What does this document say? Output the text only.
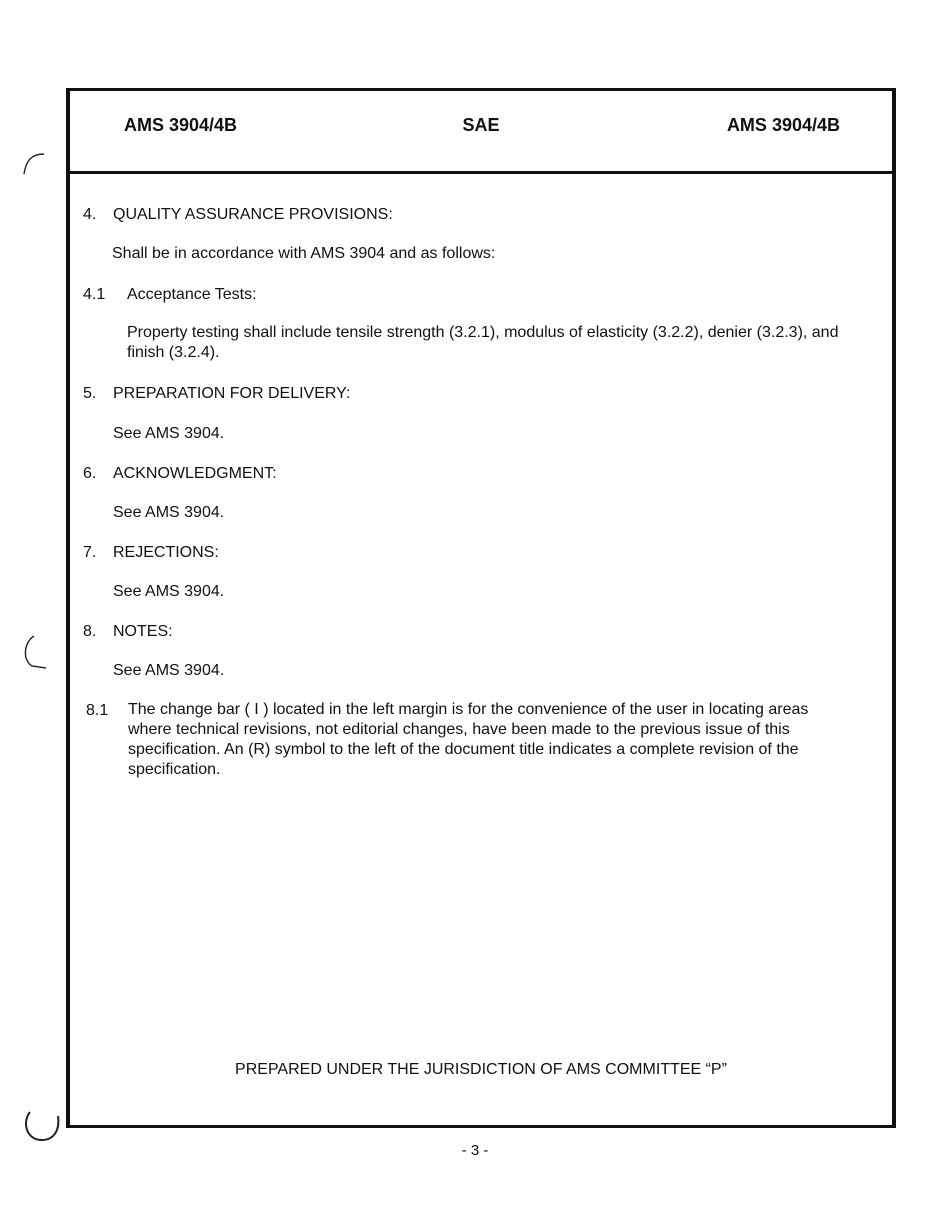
AMS 3904/4B	SAE	AMS 3904/4B
4. QUALITY ASSURANCE PROVISIONS:
Shall be in accordance with AMS 3904 and as follows:
4.1 Acceptance Tests:
Property testing shall include tensile strength (3.2.1), modulus of elasticity (3.2.2), denier (3.2.3), and finish (3.2.4).
5. PREPARATION FOR DELIVERY:
See AMS 3904.
6. ACKNOWLEDGMENT:
See AMS 3904.
7. REJECTIONS:
See AMS 3904.
8. NOTES:
See AMS 3904.
8.1 The change bar ( I ) located in the left margin is for the convenience of the user in locating areas where technical revisions, not editorial changes, have been made to the previous issue of this specification. An (R) symbol to the left of the document title indicates a complete revision of the specification.
PREPARED UNDER THE JURISDICTION OF AMS COMMITTEE “P”
- 3 -
